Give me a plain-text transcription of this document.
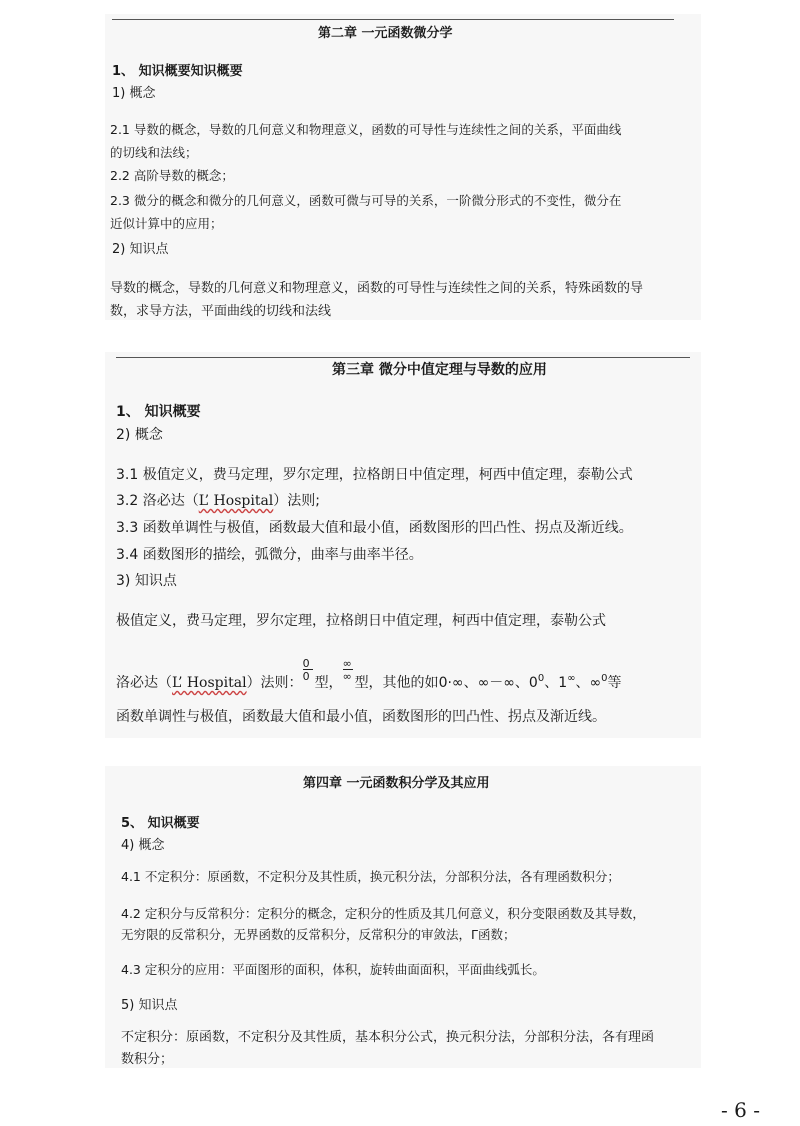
第二章 一元函数微分学
1、 知识概要知识概要
1) 概念
2.1 导数的概念，导数的几何意义和物理意义，函数的可导性与连续性之间的关系，平面曲线
的切线和法线；
2.2 高阶导数的概念；
2.3 微分的概念和微分的几何意义，函数可微与可导的关系，一阶微分形式的不变性，微分在
近似计算中的应用；
2) 知识点
导数的概念，导数的几何意义和物理意义，函数的可导性与连续性之间的关系，特殊函数的导
数，求导方法，平面曲线的切线和法线
第三章 微分中值定理与导数的应用
1、 知识概要
2) 概念
3.1 极值定义，费马定理，罗尔定理，拉格朗日中值定理，柯西中值定理，泰勒公式
3.2 洛必达（L’ Hospital）法则;
3.3 函数单调性与极值，函数最大值和最小值，函数图形的凹凸性、拐点及渐近线。
3.4 函数图形的描绘，弧微分，曲率与曲率半径。
3) 知识点
极值定义，费马定理，罗尔定理，拉格朗日中值定理，柯西中值定理，泰勒公式
洛必达（L’ Hospital）法则： $\frac{0}{0}$ 型， $\frac{\infty}{\infty}$ 型，其他的如0·∞、∞－∞、$0^0$、1∞、∞$^0$等
函数单调性与极值，函数最大值和最小值，函数图形的凹凸性、拐点及渐近线。
第四章 一元函数积分学及其应用
5、 知识概要
4) 概念
4.1 不定积分：原函数，不定积分及其性质，换元积分法，分部积分法，各有理函数积分；
4.2 定积分与反常积分：定积分的概念，定积分的性质及其几何意义，积分变限函数及其导数，
无穷限的反常积分，无界函数的反常积分，反常积分的审敛法，Γ函数；
4.3 定积分的应用：平面图形的面积，体积，旋转曲面面积，平面曲线弧长。
5) 知识点
不定积分：原函数，不定积分及其性质，基本积分公式，换元积分法，分部积分法，各有理函
数积分；
- 6 -
